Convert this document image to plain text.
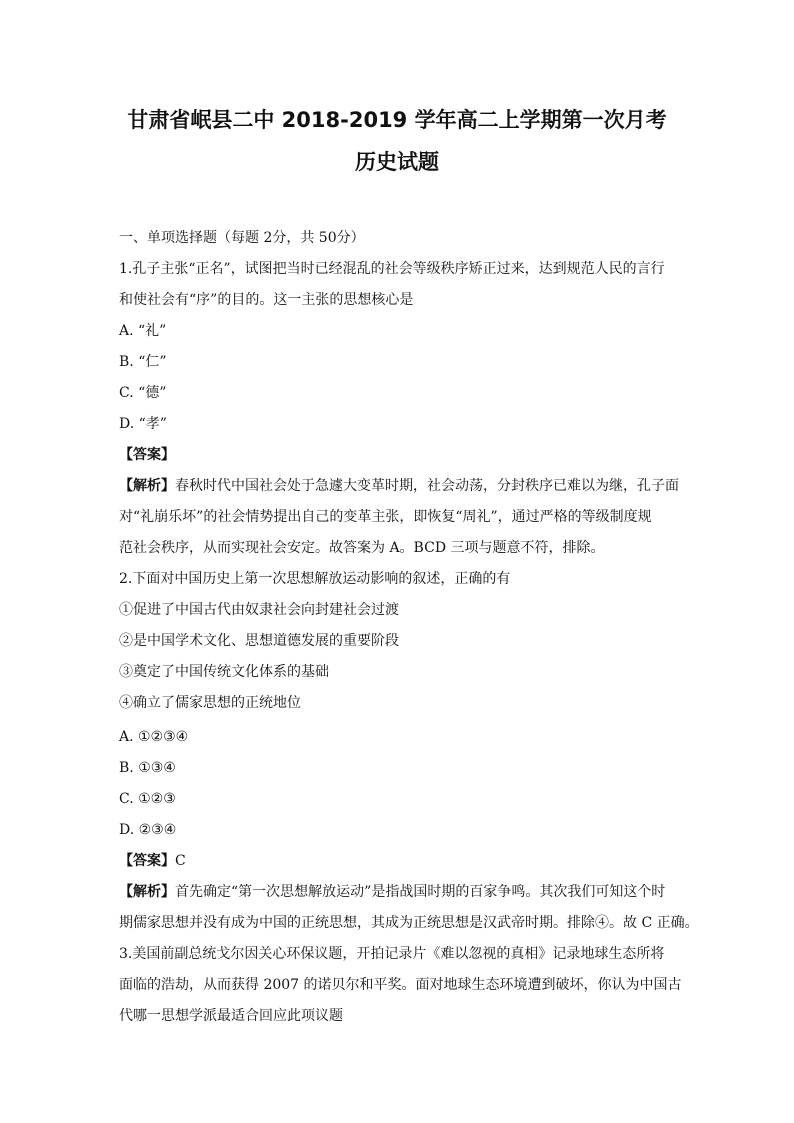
甘肃省岷县二中 2018-2019 学年高二上学期第一次月考
历史试题
一、单项选择题（每题 2分，共 50分）
1.孔子主张“正名”，试图把当时已经混乱的社会等级秩序矫正过来，达到规范人民的言行
和使社会有“序”的目的。这一主张的思想核心是
A. “礼”
B. “仁”
C. “德”
D. “孝”
【答案】
【解析】春秋时代中国社会处于急遽大变革时期，社会动荡，分封秩序已难以为继，孔子面
对“礼崩乐坏”的社会情势提出自己的变革主张，即恢复“周礼”，通过严格的等级制度规
范社会秩序，从而实现社会安定。故答案为 A。BCD 三项与题意不符，排除。
2.下面对中国历史上第一次思想解放运动影响的叙述，正确的有
①促进了中国古代由奴隶社会向封建社会过渡
②是中国学术文化、思想道德发展的重要阶段
③奠定了中国传统文化体系的基础
④确立了儒家思想的正统地位
A. ①②③④
B. ①③④
C. ①②③
D. ②③④
【答案】C
【解析】首先确定“第一次思想解放运动”是指战国时期的百家争鸣。其次我们可知这个时
期儒家思想并没有成为中国的正统思想，其成为正统思想是汉武帝时期。排除④。故 C 正确。
3.美国前副总统戈尔因关心环保议题，开拍记录片《难以忽视的真相》记录地球生态所将
面临的浩劫，从而获得 2007 的诺贝尔和平奖。面对地球生态环境遭到破坏，你认为中国古
代哪一思想学派最适合回应此项议题
